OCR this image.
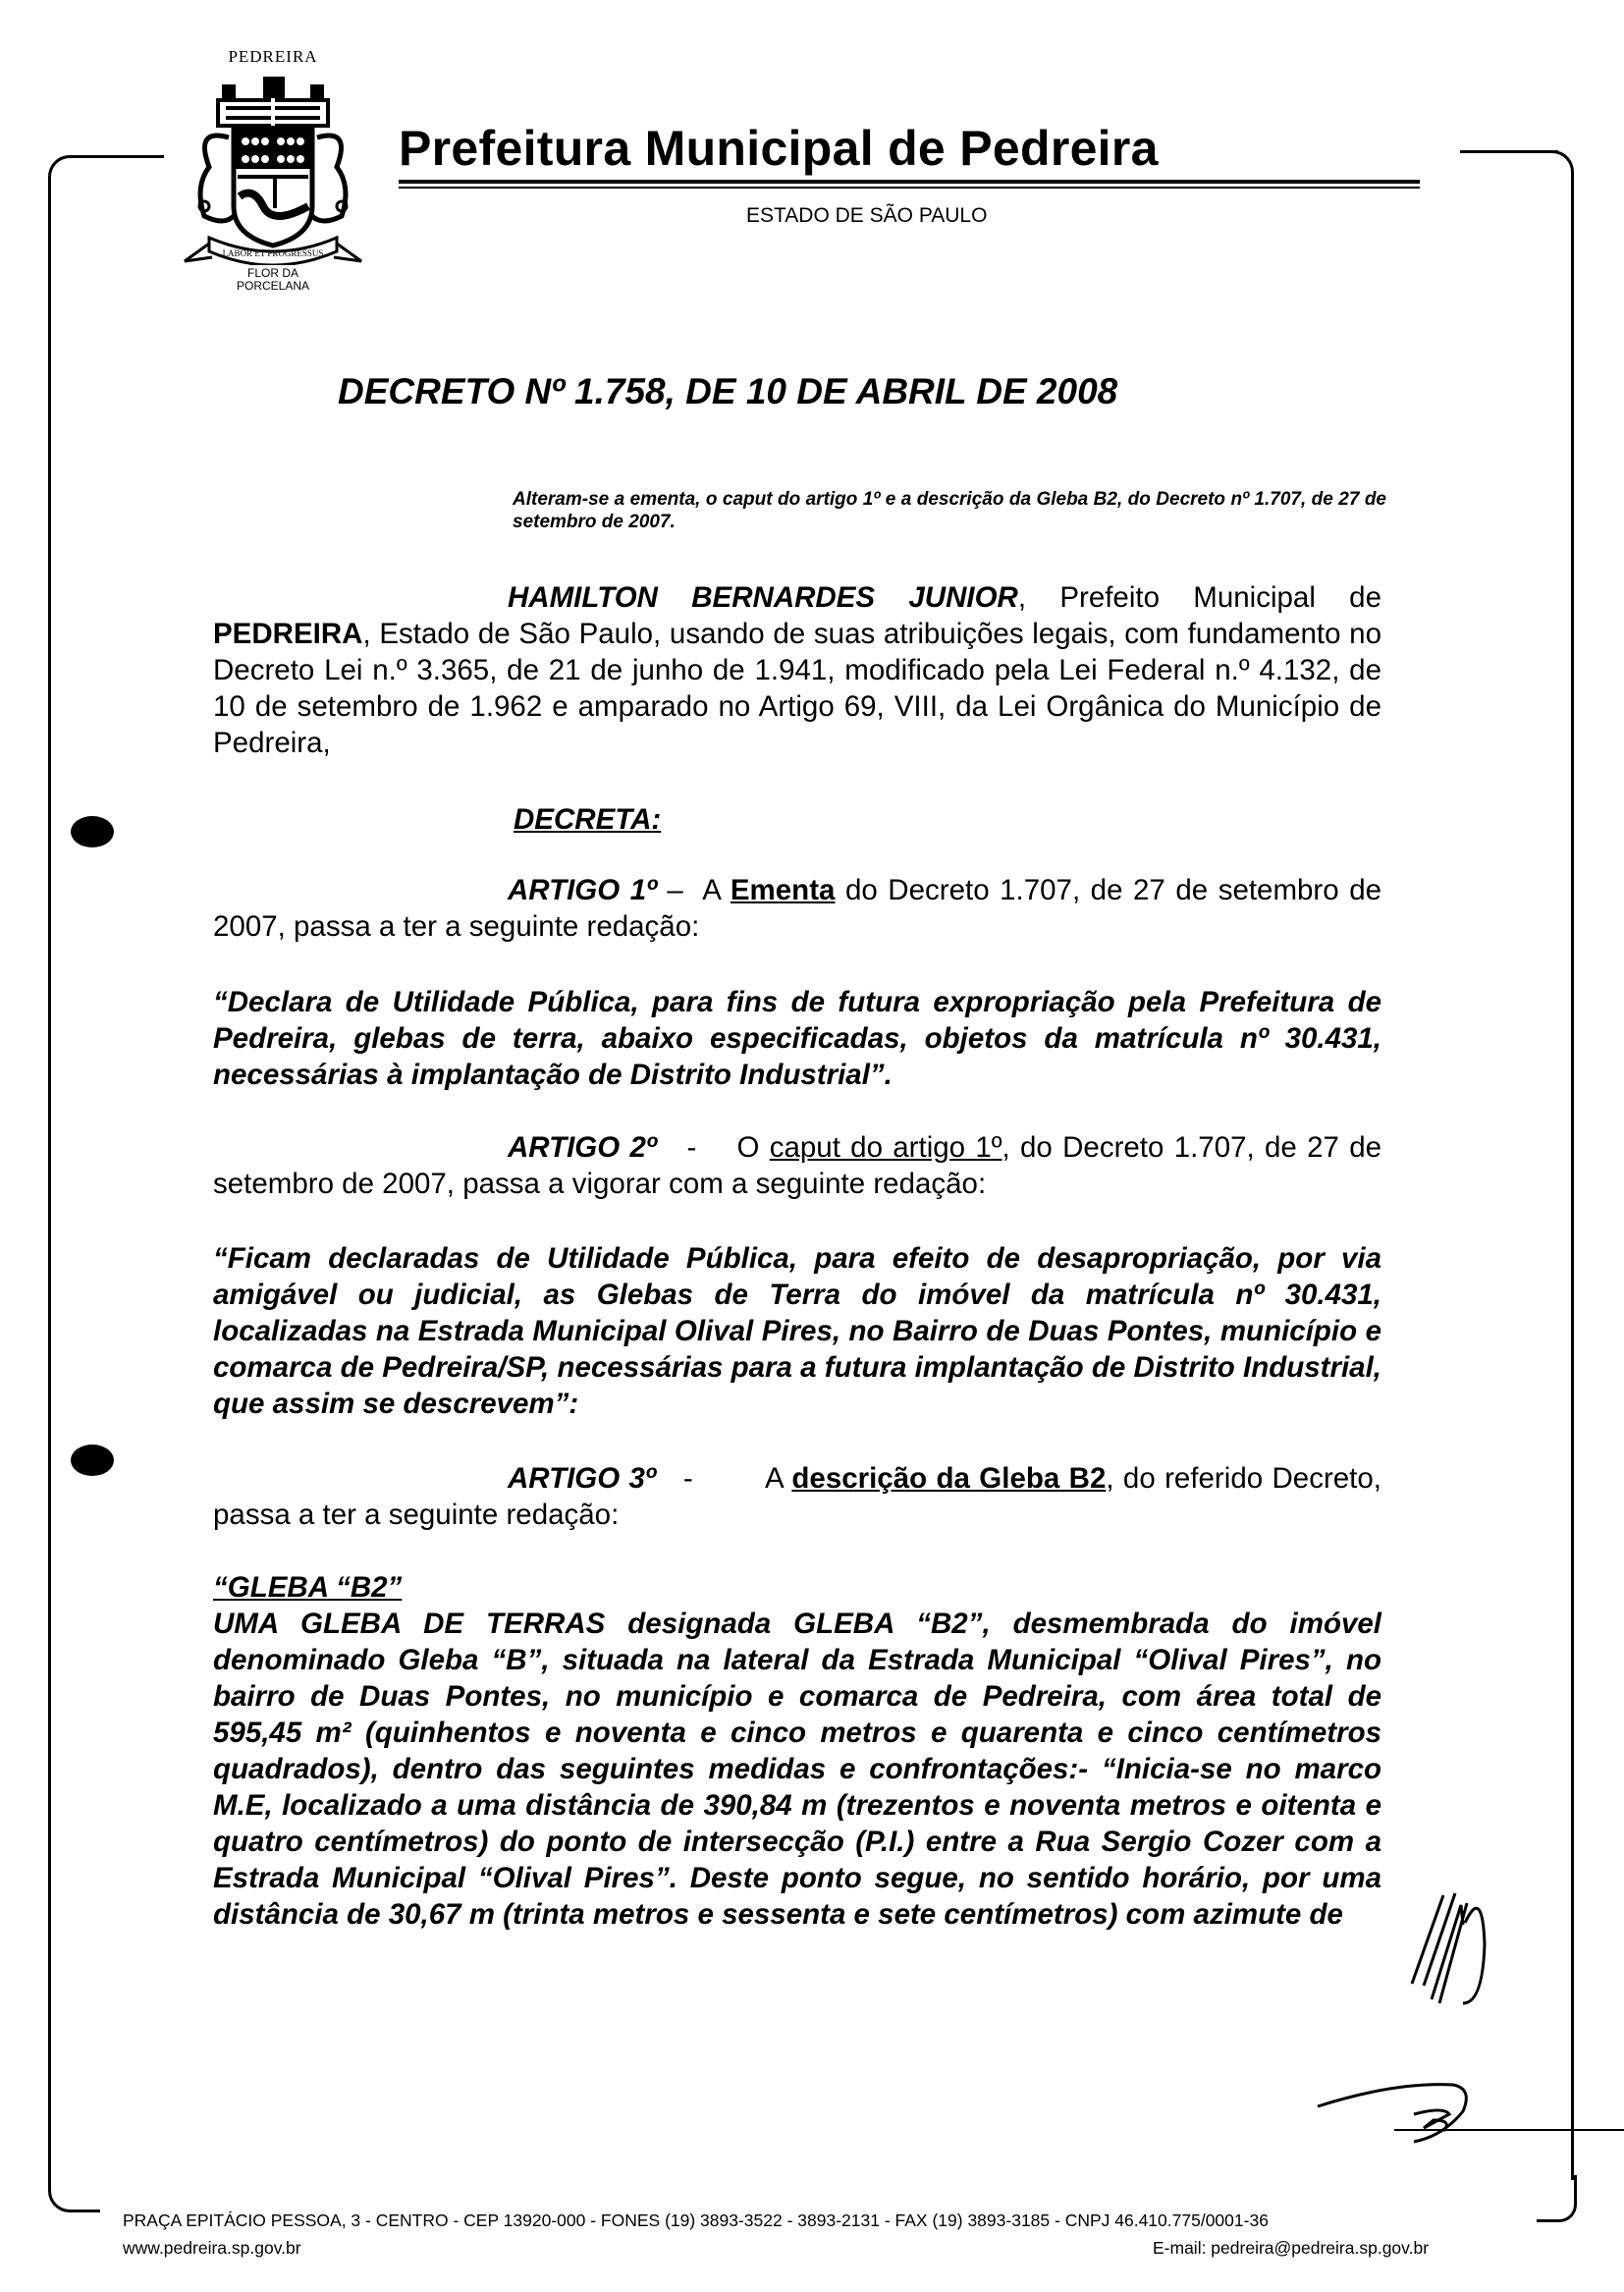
PEDREIRA
LABOR ET PROGRESSUS
FLOR DA
PORCELANA
Prefeitura Municipal de Pedreira
ESTADO DE SÃO PAULO
DECRETO Nº 1.758, DE 10 DE ABRIL DE 2008
Alteram-se a ementa, o caput do artigo 1º e a descrição da Gleba B2, do Decreto nº 1.707, de 27 de setembro de 2007.
HAMILTON BERNARDES JUNIOR, Prefeito Municipal de PEDREIRA, Estado de São Paulo, usando de suas atribuições legais, com fundamento no Decreto Lei n.º 3.365, de 21 de junho de 1.941, modificado pela Lei Federal n.º 4.132, de 10 de setembro de 1.962 e amparado no Artigo 69, VIII, da Lei Orgânica do Município de Pedreira,
DECRETA:
ARTIGO 1º –  A Ementa do Decreto 1.707, de 27 de setembro de 2007, passa a ter a seguinte redação:
“Declara de Utilidade Pública, para fins de futura expropriação pela Prefeitura de Pedreira, glebas de terra, abaixo especificadas, objetos da matrícula nº 30.431, necessárias à implantação de Distrito Industrial”.
ARTIGO 2º   -    O caput do artigo 1º, do Decreto 1.707, de 27 de setembro de 2007, passa a vigorar com a seguinte redação:
“Ficam declaradas de Utilidade Pública, para efeito de desapropriação, por via amigável ou judicial, as Glebas de Terra do imóvel da matrícula nº 30.431, localizadas na Estrada Municipal Olival Pires, no Bairro de Duas Pontes, município e comarca de Pedreira/SP, necessárias para a futura implantação de Distrito Industrial, que assim se descrevem”:
ARTIGO 3º   -        A descrição da Gleba B2, do referido Decreto, passa a ter a seguinte redação:
“GLEBA “B2”
UMA GLEBA DE TERRAS designada GLEBA “B2”, desmembrada do imóvel denominado Gleba “B”, situada na lateral da Estrada Municipal “Olival Pires”, no bairro de Duas Pontes, no município e comarca de Pedreira, com área total de 595,45 m² (quinhentos e noventa e cinco metros e quarenta e cinco centímetros quadrados), dentro das seguintes medidas e confrontações:- “Inicia-se no marco M.E, localizado a uma distância de 390,84 m (trezentos e noventa metros e oitenta e quatro centímetros) do ponto de intersecção (P.I.) entre a Rua Sergio Cozer com a Estrada Municipal “Olival Pires”. Deste ponto segue, no sentido horário, por uma distância de 30,67 m (trinta metros e sessenta e sete centímetros) com azimute de
PRAÇA EPITÁCIO PESSOA, 3 - CENTRO - CEP 13920-000 - FONES (19) 3893-3522 - 3893-2131 - FAX (19) 3893-3185 - CNPJ 46.410.775/0001-36
www.pedreira.sp.gov.br	E-mail: pedreira@pedreira.sp.gov.br
